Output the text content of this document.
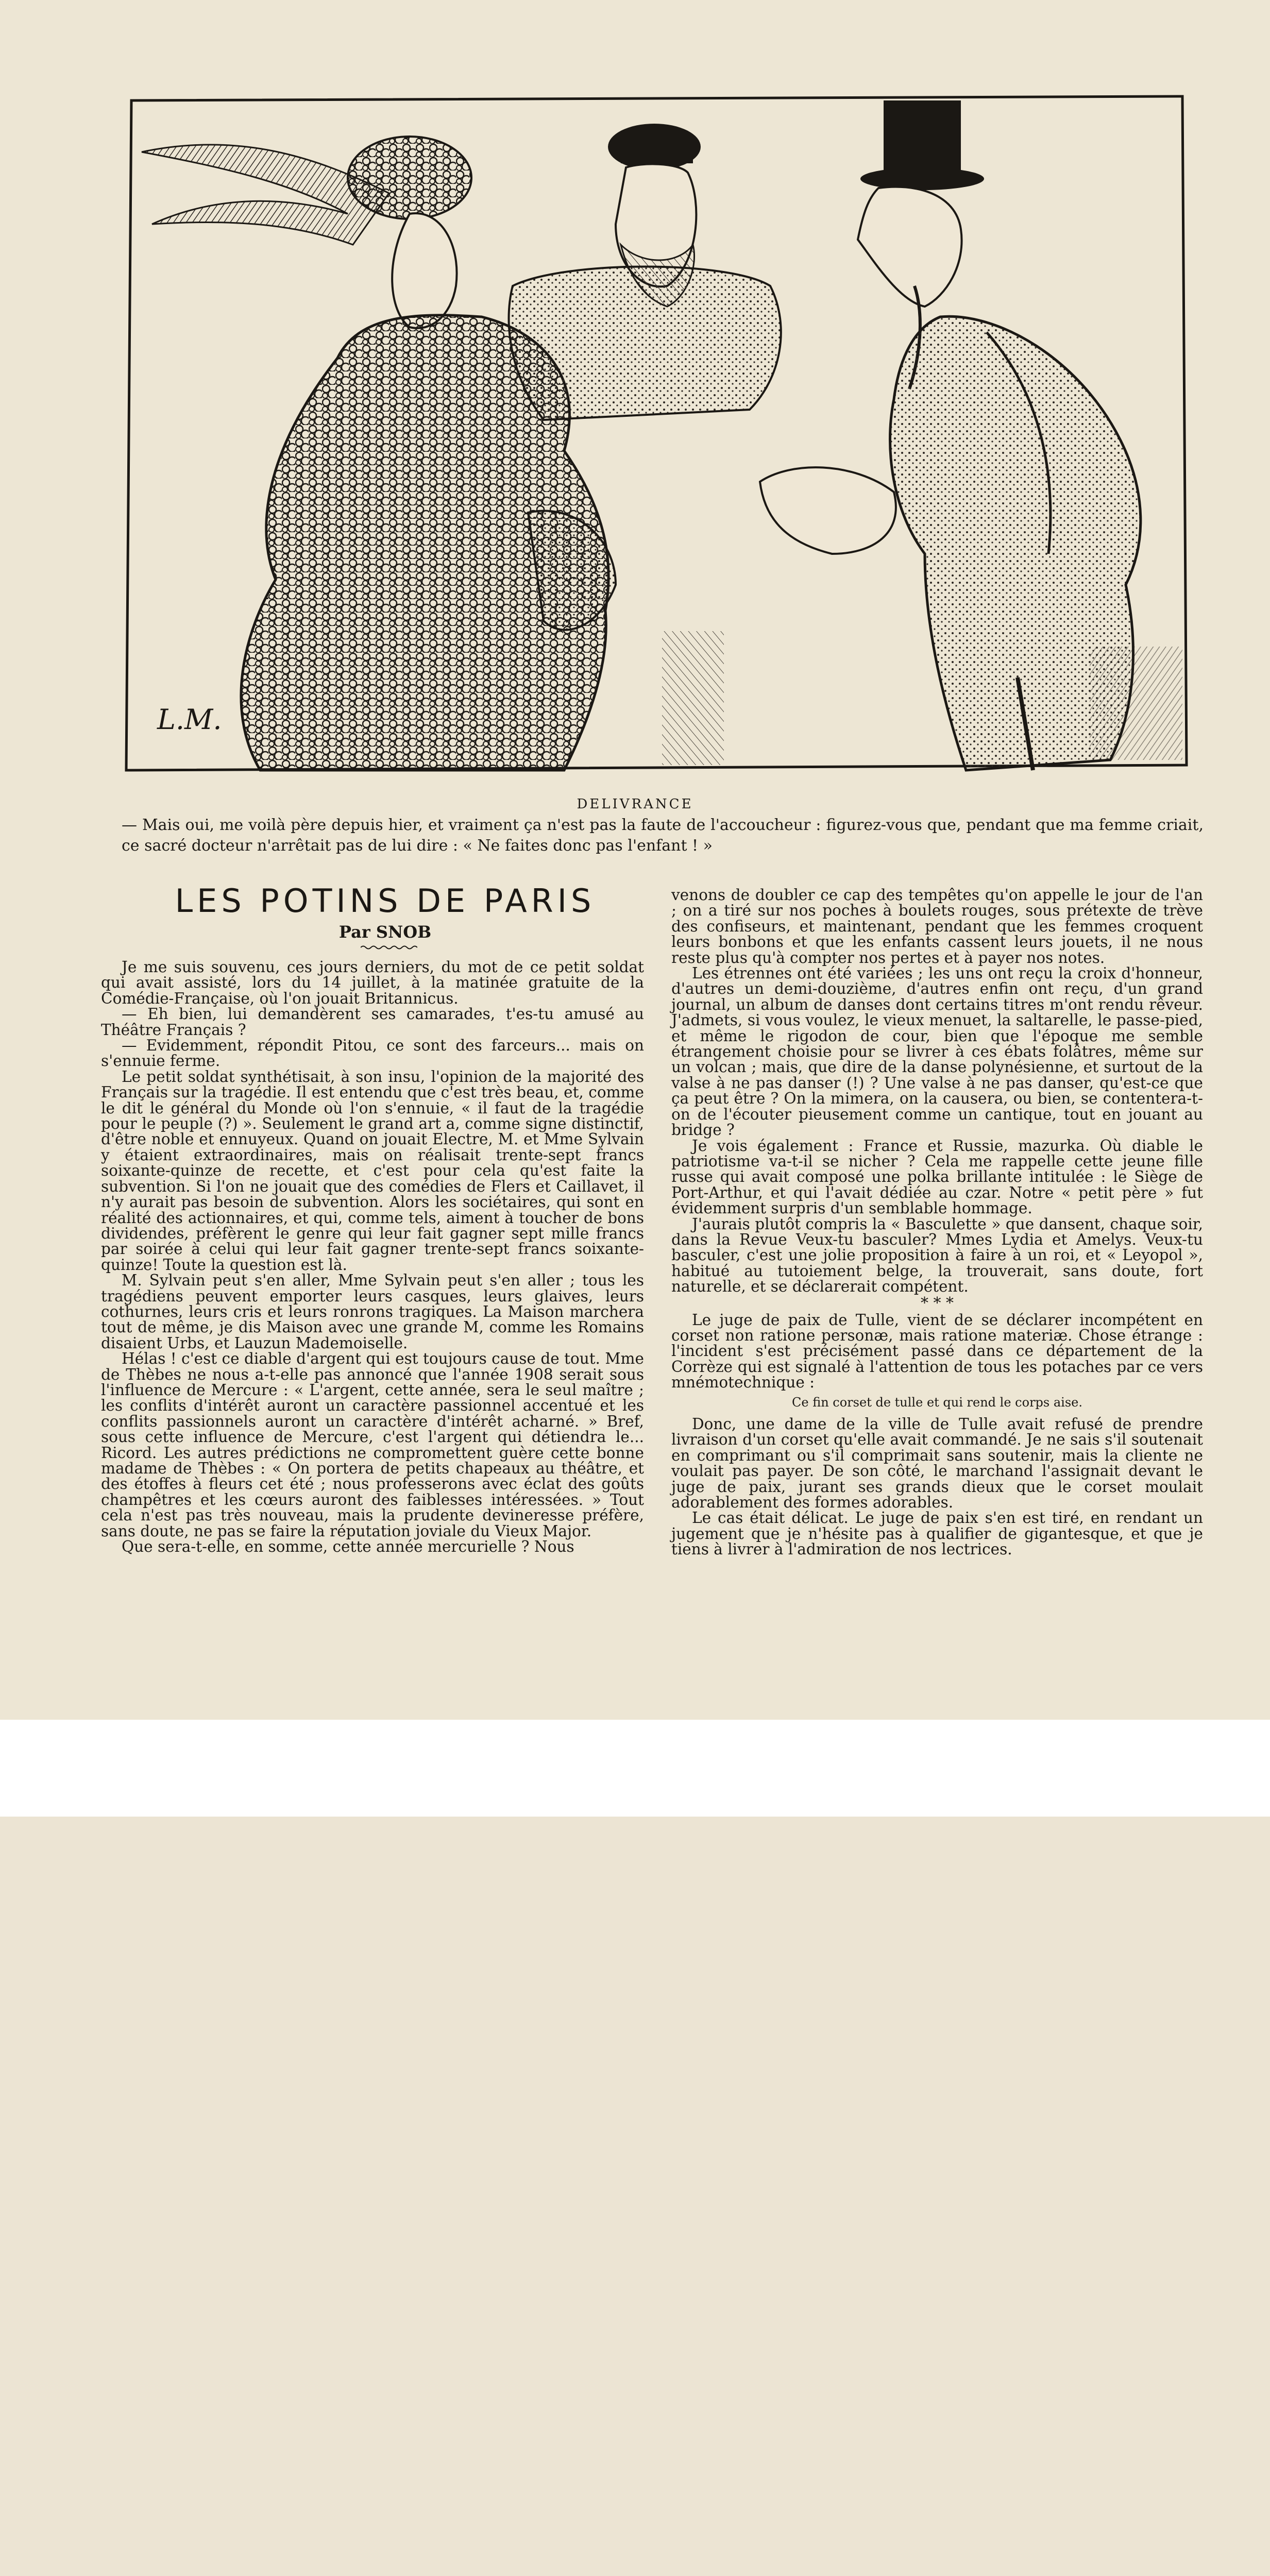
L.M.
DELIVRANCE
— Mais oui, me voilà père depuis hier, et vraiment ça n'est pas la faute de l'accoucheur : figurez-vous que, pendant que ma femme criait, ce sacré docteur n'arrêtait pas de lui dire : « Ne faites donc pas l'enfant ! »
LES POTINS DE PARIS
Par SNOB

Je me suis souvenu, ces jours derniers, du mot de ce petit soldat qui avait assisté, lors du 14 juillet, à la matinée gratuite de la Comédie-Française, où l'on jouait Britannicus.

— Eh bien, lui demandèrent ses camarades, t'es-tu amusé au Théâtre Français ?

— Evidemment, répondit Pitou, ce sont des farceurs... mais on s'ennuie ferme.

Le petit soldat synthétisait, à son insu, l'opinion de la majorité des Français sur la tragédie. Il est entendu que c'est très beau, et, comme le dit le général du Monde où l'on s'ennuie, « il faut de la tragédie pour le peuple (?) ». Seulement le grand art a, comme signe distinctif, d'être noble et ennuyeux. Quand on jouait Electre, M. et Mme Sylvain y étaient extraordinaires, mais on réalisait trente-sept francs soixante-quinze de recette, et c'est pour cela qu'est faite la subvention. Si l'on ne jouait que des comédies de Flers et Caillavet, il n'y aurait pas besoin de subvention. Alors les sociétaires, qui sont en réalité des actionnaires, et qui, comme tels, aiment à toucher de bons dividendes, préfèrent le genre qui leur fait gagner sept mille francs par soirée à celui qui leur fait gagner trente-sept francs soixante-quinze! Toute la question est là.

M. Sylvain peut s'en aller, Mme Sylvain peut s'en aller ; tous les tragédiens peuvent emporter leurs casques, leurs glaives, leurs cothurnes, leurs cris et leurs ronrons tragiques. La Maison marchera tout de même, je dis Maison avec une grande M, comme les Romains disaient Urbs, et Lauzun Mademoiselle.

Hélas ! c'est ce diable d'argent qui est toujours cause de tout. Mme de Thèbes ne nous a-t-elle pas annoncé que l'année 1908 serait sous l'influence de Mercure : « L'argent, cette année, sera le seul maître ; les conflits d'intérêt auront un caractère passionnel accentué et les conflits passionnels auront un caractère d'intérêt acharné. » Bref, sous cette influence de Mercure, c'est l'argent qui détiendra le... Ricord. Les autres prédictions ne compromettent guère cette bonne madame de Thèbes : « On portera de petits chapeaux au théâtre, et des étoffes à fleurs cet été ; nous professerons avec éclat des goûts champêtres et les cœurs auront des faiblesses intéressées. » Tout cela n'est pas très nouveau, mais la prudente devineresse préfère, sans doute, ne pas se faire la réputation joviale du Vieux Major.

Que sera-t-elle, en somme, cette année mercurielle ? Nous

venons de doubler ce cap des tempêtes qu'on appelle le jour de l'an ; on a tiré sur nos poches à boulets rouges, sous prétexte de trève des confiseurs, et maintenant, pendant que les femmes croquent leurs bonbons et que les enfants cassent leurs jouets, il ne nous reste plus qu'à compter nos pertes et à payer nos notes.

Les étrennes ont été variées ; les uns ont reçu la croix d'honneur, d'autres un demi-douzième, d'autres enfin ont reçu, d'un grand journal, un album de danses dont certains titres m'ont rendu rêveur. J'admets, si vous voulez, le vieux menuet, la saltarelle, le passe-pied, et même le rigodon de cour, bien que l'époque me semble étrangement choisie pour se livrer à ces ébats folâtres, même sur un volcan ; mais, que dire de la danse polynésienne, et surtout de la valse à ne pas danser (!) ? Une valse à ne pas danser, qu'est-ce que ça peut être ? On la mimera, on la causera, ou bien, se contentera-t-on de l'écouter pieusement comme un cantique, tout en jouant au bridge ?

Je vois également : France et Russie, mazurka. Où diable le patriotisme va-t-il se nicher ? Cela me rappelle cette jeune fille russe qui avait composé une polka brillante intitulée : le Siège de Port-Arthur, et qui l'avait dédiée au czar. Notre « petit père » fut évidemment surpris d'un semblable hommage.

J'aurais plutôt compris la « Basculette » que dansent, chaque soir, dans la Revue Veux-tu basculer? Mmes Lydia et Amelys. Veux-tu basculer, c'est une jolie proposition à faire à un roi, et « Leyopol », habitué au tutoiement belge, la trouverait, sans doute, fort naturelle, et se déclarerait compétent.

* * *

Le juge de paix de Tulle, vient de se déclarer incompétent en corset non ratione personæ, mais ratione materiæ. Chose étrange : l'incident s'est précisément passé dans ce département de la Corrèze qui est signalé à l'attention de tous les potaches par ce vers mnémotechnique :

Ce fin corset de tulle et qui rend le corps aise.

Donc, une dame de la ville de Tulle avait refusé de prendre livraison d'un corset qu'elle avait commandé. Je ne sais s'il soutenait en comprimant ou s'il comprimait sans soutenir, mais la cliente ne voulait pas payer. De son côté, le marchand l'assignait devant le juge de paix, jurant ses grands dieux que le corset moulait adorablement des formes adorables.

Le cas était délicat. Le juge de paix s'en est tiré, en rendant un jugement que je n'hésite pas à qualifier de gigantesque, et que je tiens à livrer à l'admiration de nos lectrices.
